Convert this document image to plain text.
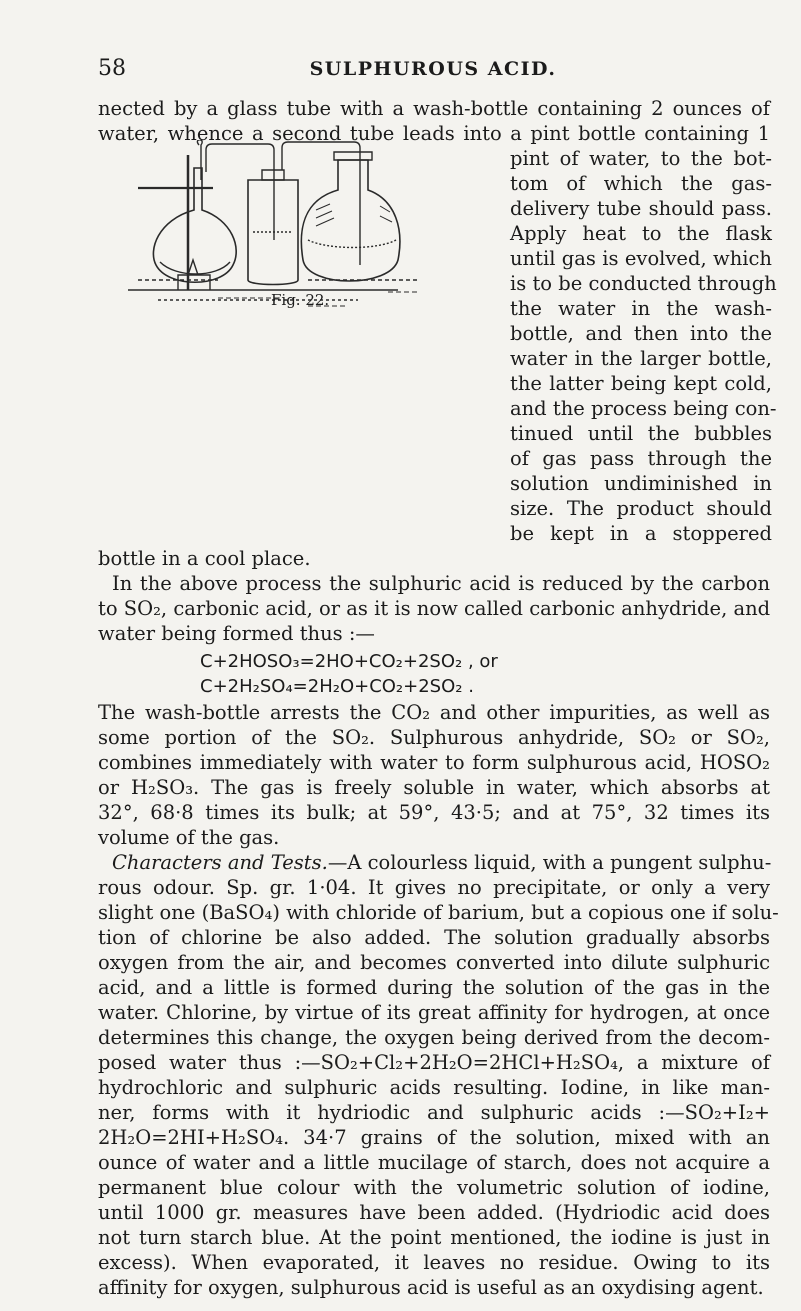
58	SULPHUROUS ACID.
nected by a glass tube with a wash-bottle containing 2 ounces of
water, whence a second tube leads into a pint bottle containing 1
Fig. 22.
pint of water, to the bot-
tom of which the gas-
delivery tube should pass.
Apply heat to the flask
until gas is evolved, which
is to be conducted through
the water in the wash-
bottle, and then into the
water in the larger bottle,
the latter being kept cold,
and the process being con-
tinued until the bubbles
of gas pass through the
solution undiminished in
size. The product should
be kept in a stoppered
bottle in a cool place.
In the above process the sulphuric acid is reduced by the carbon
to SO₂, carbonic acid, or as it is now called carbonic anhydride, and
water being formed thus :—
C+2HOSO₃=2HO+CO₂+2SO₂ , or
C+2H₂SO₄=2H₂O+CO₂+2SO₂ .
The wash-bottle arrests the CO₂ and other impurities, as well as
some portion of the SO₂. Sulphurous anhydride, SO₂ or SO₂,
combines immediately with water to form sulphurous acid, HOSO₂
or H₂SO₃. The gas is freely soluble in water, which absorbs at
32°, 68·8 times its bulk; at 59°, 43·5; and at 75°, 32 times its
volume of the gas.
Characters and Tests.—A colourless liquid, with a pungent sulphu-
rous odour. Sp. gr. 1·04. It gives no precipitate, or only a very
slight one (BaSO₄) with chloride of barium, but a copious one if solu-
tion of chlorine be also added. The solution gradually absorbs
oxygen from the air, and becomes converted into dilute sulphuric
acid, and a little is formed during the solution of the gas in the
water. Chlorine, by virtue of its great affinity for hydrogen, at once
determines this change, the oxygen being derived from the decom-
posed water thus :—SO₂+Cl₂+2H₂O=2HCl+H₂SO₄, a mixture of
hydrochloric and sulphuric acids resulting. Iodine, in like man-
ner, forms with it hydriodic and sulphuric acids :—SO₂+I₂+
2H₂O=2HI+H₂SO₄. 34·7 grains of the solution, mixed with an
ounce of water and a little mucilage of starch, does not acquire a
permanent blue colour with the volumetric solution of iodine,
until 1000 gr. measures have been added. (Hydriodic acid does
not turn starch blue. At the point mentioned, the iodine is just in
excess). When evaporated, it leaves no residue. Owing to its
affinity for oxygen, sulphurous acid is useful as an oxydising agent.
